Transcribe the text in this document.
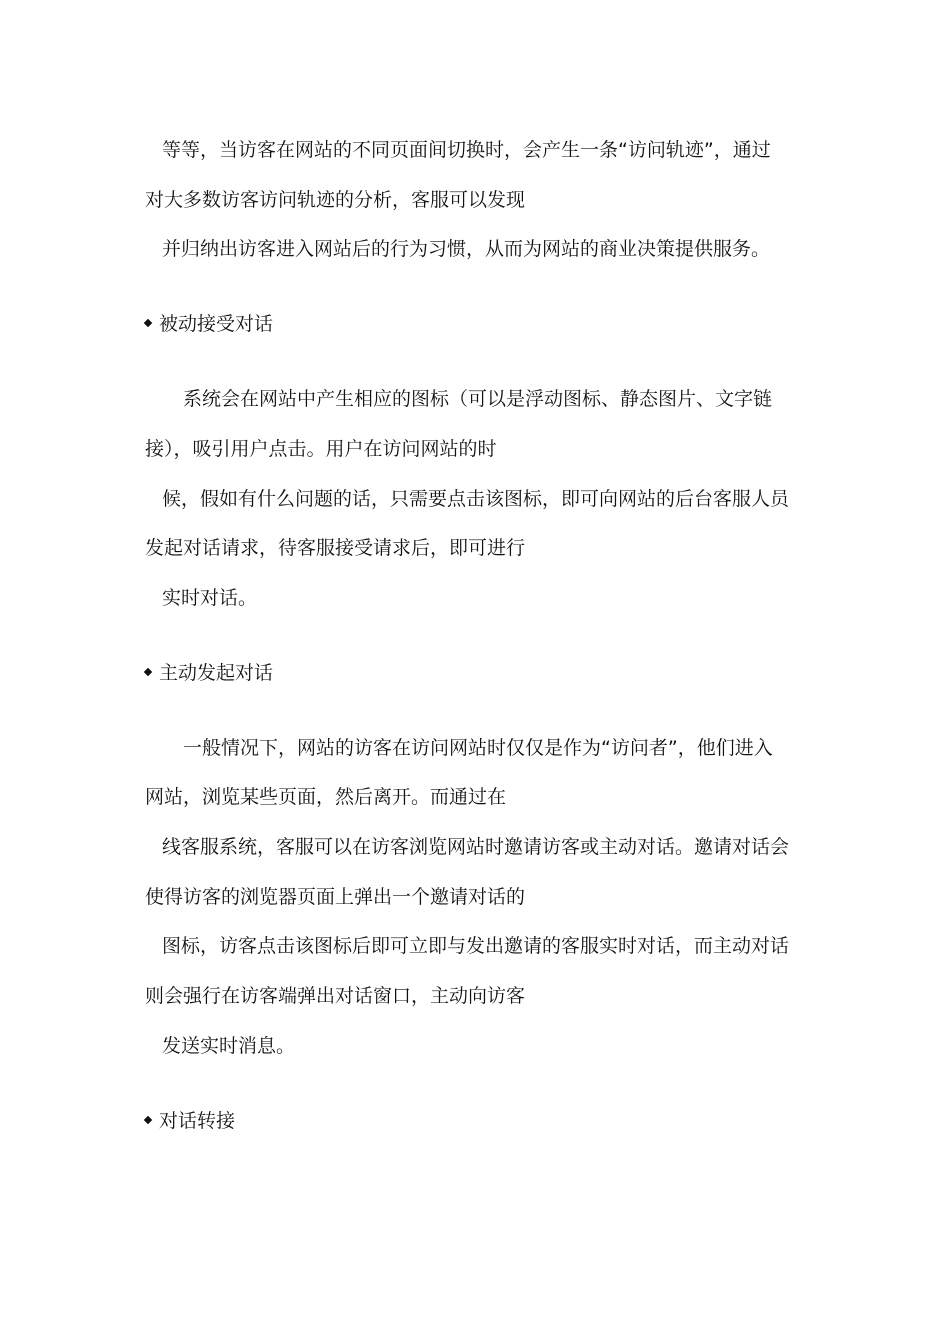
等等，当访客在网站的不同页面间切换时，会产生一条“访问轨迹”，通过
对大多数访客访问轨迹的分析，客服可以发现
并归纳出访客进入网站后的行为习惯，从而为网站的商业决策提供服务。
被动接受对话
系统会在网站中产生相应的图标（可以是浮动图标、静态图片、文字链
接），吸引用户点击。用户在访问网站的时
候，假如有什么问题的话，只需要点击该图标，即可向网站的后台客服人员
发起对话请求，待客服接受请求后，即可进行
实时对话。
主动发起对话
一般情况下，网站的访客在访问网站时仅仅是作为“访问者”，他们进入
网站，浏览某些页面，然后离开。而通过在
线客服系统，客服可以在访客浏览网站时邀请访客或主动对话。邀请对话会
使得访客的浏览器页面上弹出一个邀请对话的
图标，访客点击该图标后即可立即与发出邀请的客服实时对话，而主动对话
则会强行在访客端弹出对话窗口，主动向访客
发送实时消息。
对话转接
